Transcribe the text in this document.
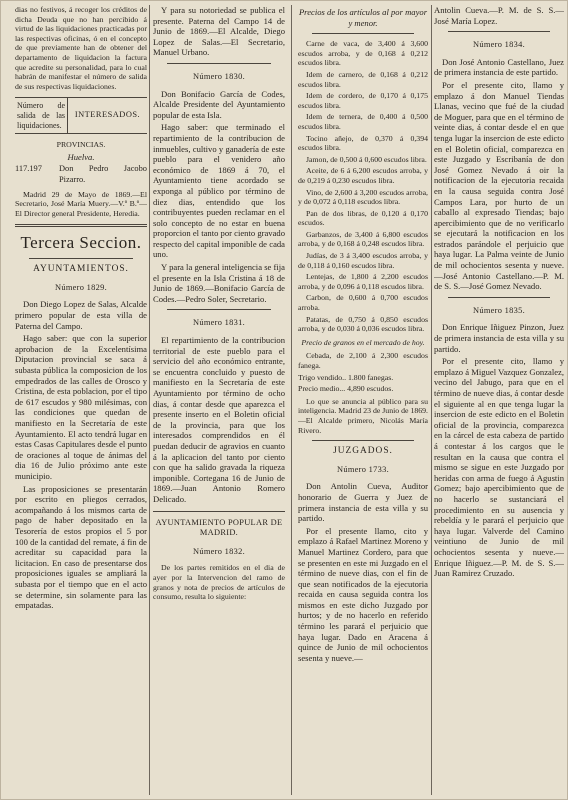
dias no festivos, á recoger los créditos de dicha Deuda que no han percibido á virtud de las liquidaciones practicadas por las respectivas oficinas, ó en el concepto de que previamente han de obtener del departamento de liquidacion la factura que acredite su personalidad, para lo cual habrán de manifestar el número de salida de sus respectivas liquidaciones.

Número de salida de las liquidaciones.
INTERESADOS.
PROVINCIAS.
Huelva.
117.197	Don Pedro Jacobo Pizarro.

Madrid 29 de Mayo de 1869.—El Secretario, José María Muery.—V.º B.º—El Director general Presidente, Heredia.

Tercera Seccion.
AYUNTAMIENTOS.
Número 1829.

Don Diego Lopez de Salas, Alcalde primero popular de esta villa de Paterna del Campo.

Hago saber: que con la superior aprobacion de la Excelentísima Diputacion provincial se saca á subasta pública la composicion de los empedrados de las calles de Orosco y Cristina, de esta poblacion, por el tipo de 617 escudos y 980 milésimas, con las condiciones que quedan de manifiesto en la Secretaría de este Ayuntamiento. El acto tendrá lugar en estas Casas Capitulares desde el punto de oraciones al toque de ánimas del dia 16 de Julio próximo ante este municipio.

Las proposiciones se presentarán por escrito en pliegos cerrados, acompañando á los mismos carta de pago de haber depositado en la Tesorería de estos propios el 5 por 100 de la cantidad del remate, á fin de acreditar su capacidad para la licitacion. En caso de presentarse dos proposiciones iguales se ampliará la subasta por el tiempo que en el acto se determine, sin solamente para las empatadas.

Y para su notoriedad se publica el presente. Paterna del Campo 14 de Junio de 1869.—El Alcalde, Diego Lopez de Salas.—El Secretario, Manuel Urbano.

Número 1830.

Don Bonifacio García de Codes, Alcalde Presidente del Ayuntamiento popular de esta Isla.

Hago saber: que terminado el repartimiento de la contribucion de inmuebles, cultivo y ganadería de este pueblo para el venidero año económico de 1869 á 70, el Ayuntamiento tiene acordado se exponga al público por término de diez dias, entendido que los contribuyentes pueden reclamar en el solo concepto de no estar en buena proporcion el tanto por ciento gravado respecto del capital imponible de cada uno.

Y para la general inteligencia se fija el presente en la Isla Cristina á 18 de Junio de 1869.—Bonifacio García de Codes.—Pedro Soler, Secretario.

Número 1831.

El repartimiento de la contribucion territorial de este pueblo para el servicio del año económico entrante, se encuentra concluido y puesto de manifiesto en la Secretaría de este Ayuntamiento por término de ocho dias, á contar desde que aparezca el presente inserto en el Boletin oficial de la provincia, para que los interesados comprendidos en él puedan deducir de agravios en cuanto á la aplicacion del tanto por ciento con que ha salido gravada la riqueza imponible. Cortegana 16 de Junio de 1869.—Juan Antonio Romero Delicado.

AYUNTAMIENTO POPULAR DE MADRID.
Número 1832.

De los partes remitidos en el dia de ayer por la Intervencion del ramo de granos y nota de precios de artículos de consumo, resulta lo siguiente:

Precios de los artículos al por mayor y menor.

Carne de vaca, de 3,400 á 3,600 escudos arroba, y de 0,168 á 0,212 escudos libra.

Idem de carnero, de 0,168 á 0,212 escudos libra.

Idem de cordero, de 0,170 á 0,175 escudos libra.

Idem de ternera, de 0,400 á 0,500 escudos libra.

Tocino añejo, de 0,370 á 0,394 escudos libra.

Jamon, de 0,500 á 0,600 escudos libra.

Aceite, de 6 á 6,200 escudos arroba, y de 0,219 á 0,230 escudos libra.

Vino, de 2,600 á 3,200 escudos arroba, y de 0,072 á 0,118 escudos libra.

Pan de dos libras, de 0,120 á 0,170 escudos.

Garbanzos, de 3,400 á 6,800 escudos arroba, y de 0,168 á 0,248 escudos libra.

Judías, de 3 á 3,400 escudos arroba, y de 0,118 á 0,160 escudos libra.

Lentejas, de 1,800 á 2,200 escudos arroba, y de 0,096 á 0,118 escudos libra.

Carbon, de 0,600 á 0,700 escudos arroba.

Patatas, de 0,750 á 0,850 escudos arroba, y de 0,030 á 0,036 escudos libra.

Precio de granos en el mercado de hoy.

Cebada, de 2,100 á 2,300 escudos fanega.

Trigo vendido.. 1.800 fanegas.

Precio medio... 4,890 escudos.

Lo que se anuncia al público para su inteligencia. Madrid 23 de Junio de 1869.—El Alcalde primero, Nicolás María Rivero.

JUZGADOS.
Número 1733.

Don Antolin Cueva, Auditor honorario de Guerra y Juez de primera instancia de esta villa y su partido.

Por el presente llamo, cito y emplazo á Rafael Martinez Moreno y Manuel Martinez Cordero, para que se presenten en este mi Juzgado en el término de nueve dias, con el fin de que sean notificados de la ejecutoria recaida en causa seguida contra los mismos en este dicho Juzgado por hurtos; y de no hacerlo en referido término les parará el perjuicio que haya lugar. Dado en Aracena á quince de Junio de mil ochocientos sesenta y nueve.—

Antolin Cueva.—P. M. de S. S.—José María Lopez.

Número 1834.

Don José Antonio Castellano, Juez de primera instancia de este partido.

Por el presente cito, llamo y emplazo á don Manuel Tiendas Llanas, vecino que fué de la ciudad de Moguer, para que en el término de veinte dias, á contar desde el en que tenga lugar la insercion de este edicto en el Boletin oficial, comparezca en este Juzgado y Escribanía de don José Gomez Nevado á oir la notificacion de la ejecutoria recaida en la causa seguida contra José Campos Lara, por hurto de un caballo al expresado Tiendas; bajo apercibimiento que de no verificarlo se ejecutará la notificacion en los estrados parándole el perjuicio que haya lugar. La Palma veinte de Junio de mil ochocientos sesenta y nueve.—José Antonio Castellano.—P. M. de S. S.—José Gomez Nevado.

Número 1835.

Don Enrique Iñiguez Pinzon, Juez de primera instancia de esta villa y su partido.

Por el presente cito, llamo y emplazo á Miguel Vazquez Gonzalez, vecino del Jabugo, para que en el término de nueve dias, á contar desde el siguiente al en que tenga lugar la insercion de este edicto en el Boletin oficial de la provincia, comparezca en la cárcel de esta cabeza de partido á contestar á los cargos que le resultan en la causa que contra el mismo se sigue en este Juzgado por heridas con arma de fuego á Agustin Gomez; bajo apercibimiento que de no hacerlo se sustanciará el procedimiento en su ausencia y rebeldía y le parará el perjuicio que haya lugar. Valverde del Camino veintiuno de Junio de mil ochocientos sesenta y nueve.—Enrique Iñiguez.—P. M. de S. S.—Juan Ramirez Cruzado.
